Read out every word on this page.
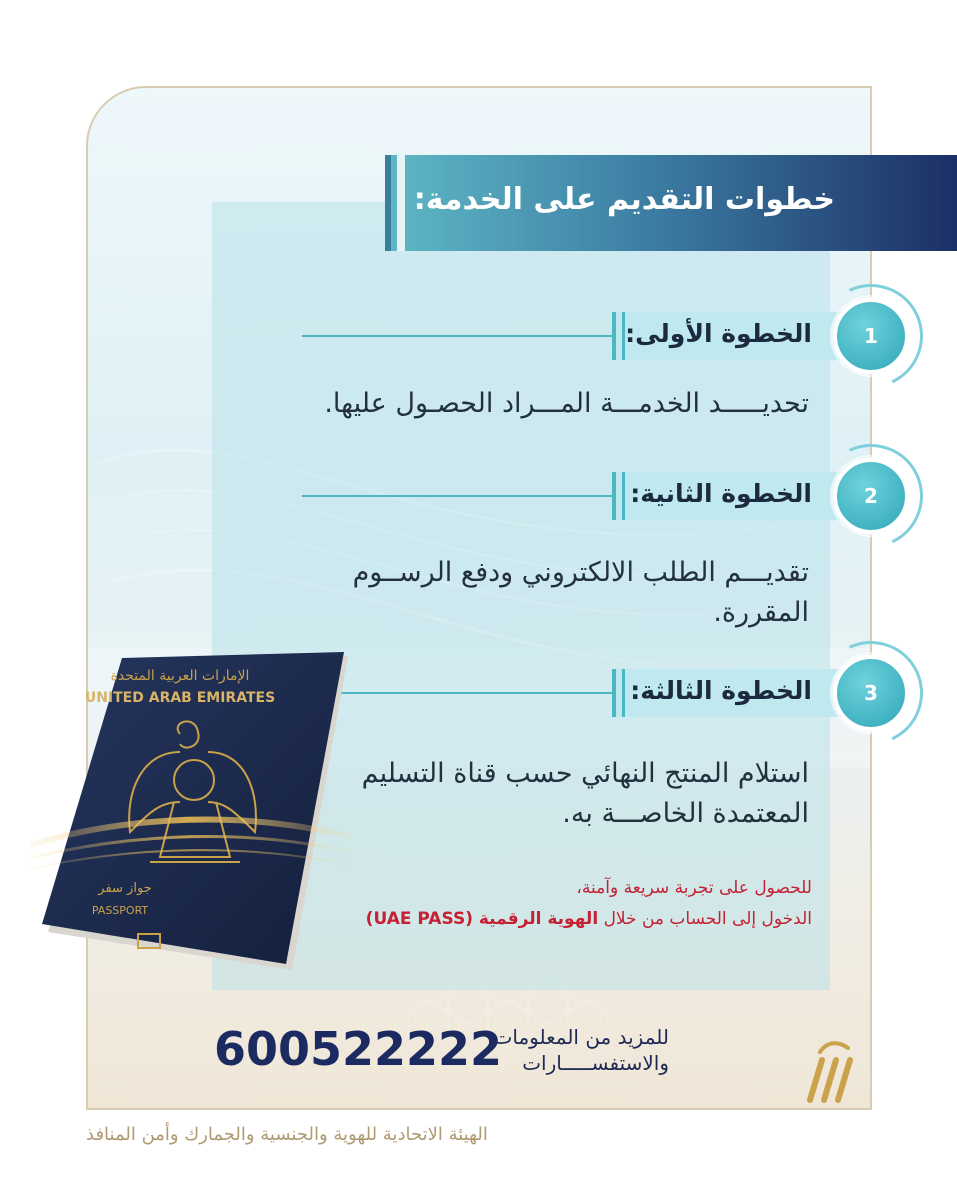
خطوات التقديم على الخدمة:
الخطوة الأولى:	1
تحديـــــد الخدمـــة المـــراد الحصـول عليها.
الخطوة الثانية:	2
تقديـــم الطلب الالكتروني ودفع الرســوم المقررة.
الخطوة الثالثة:	3
استلام المنتج النهائي حسب قناة التسليم المعتمدة الخاصـــة به.
للحصول على تجربة سريعة وآمنة،
الدخول إلى الحساب من خلال الهوية الرقمية (UAE PASS)
الإمارات العربية المتحدة
UNITED ARAB EMIRATES
جواز سفر
PASSPORT
للمزيد من المعلومات
والاستفســـــارات
600522222
الهيئة الاتحادية للهوية والجنسية والجمارك وأمن المنافذ
